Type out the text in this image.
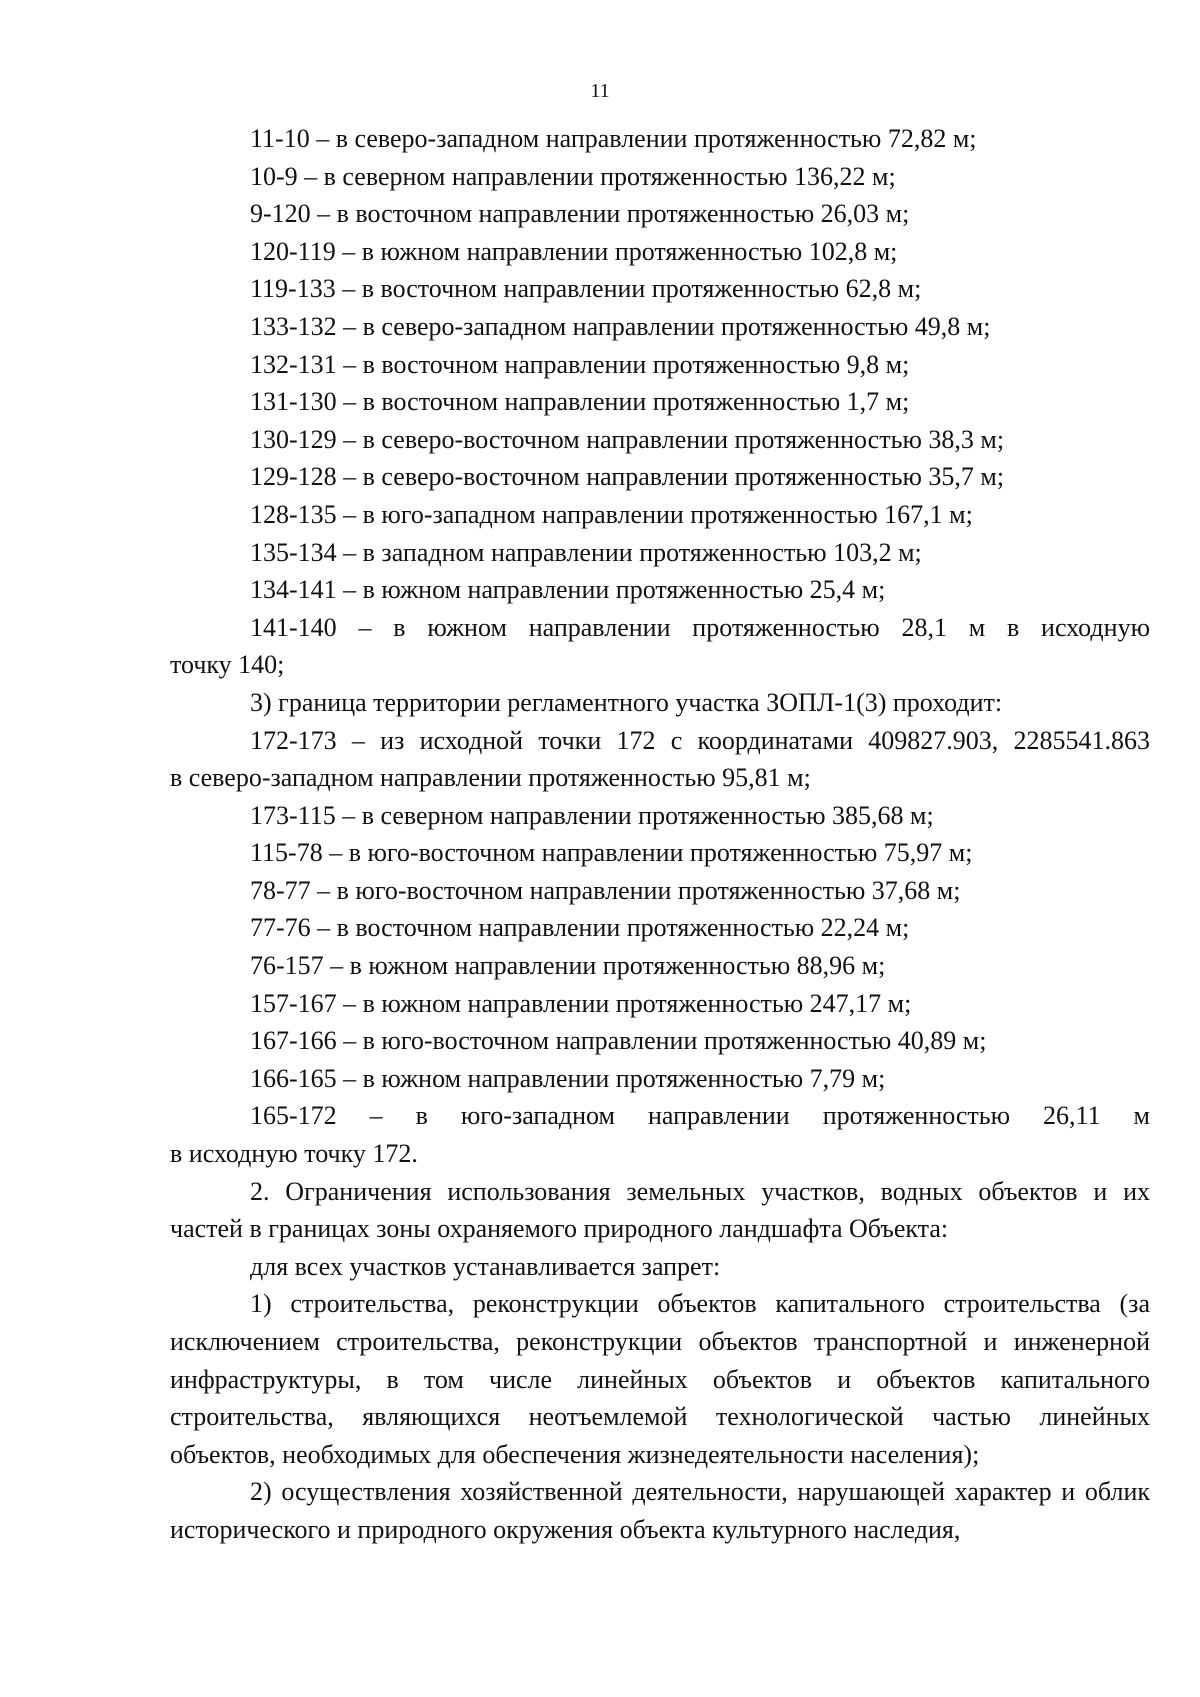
11

11-10 – в северо-западном направлении протяженностью 72,82 м;

10-9 – в северном направлении протяженностью 136,22 м;

9-120 – в восточном направлении протяженностью 26,03 м;

120-119 – в южном направлении протяженностью 102,8 м;

119-133 – в восточном направлении протяженностью 62,8 м;

133-132 – в северо-западном направлении протяженностью 49,8 м;

132-131 – в восточном направлении протяженностью 9,8 м;

131-130 – в восточном направлении протяженностью 1,7 м;

130-129 – в северо-восточном направлении протяженностью 38,3 м;

129-128 – в северо-восточном направлении протяженностью 35,7 м;

128-135 – в юго-западном направлении протяженностью 167,1 м;

135-134 – в западном направлении протяженностью 103,2 м;

134-141 – в южном направлении протяженностью 25,4 м;

141-140 – в южном направлении протяженностью 28,1 м в исходную

точку 140;

3) граница территории регламентного участка ЗОПЛ-1(3) проходит:

172-173 – из исходной точки 172 с координатами 409827.903, 2285541.863

в северо-западном направлении протяженностью 95,81 м;

173-115 – в северном направлении протяженностью 385,68 м;

115-78 – в юго-восточном направлении протяженностью 75,97 м;

78-77 – в юго-восточном направлении протяженностью 37,68 м;

77-76 – в восточном направлении протяженностью 22,24 м;

76-157 – в южном направлении протяженностью 88,96 м;

157-167 – в южном направлении протяженностью 247,17 м;

167-166 – в юго-восточном направлении протяженностью 40,89 м;

166-165 – в южном направлении протяженностью 7,79 м;

165-172 – в юго-западном направлении протяженностью 26,11 м

в исходную точку 172.

2. Ограничения использования земельных участков, водных объектов и их частей в границах зоны охраняемого природного ландшафта Объекта:

для всех участков устанавливается запрет:

1) строительства, реконструкции объектов капитального строительства (за исключением строительства, реконструкции объектов транспортной и инженерной инфраструктуры, в том числе линейных объектов и объектов капитального строительства, являющихся неотъемлемой технологической частью линейных объектов, необходимых для обеспечения жизнедеятельности населения);

2) осуществления хозяйственной деятельности, нарушающей характер и облик исторического и природного окружения объекта культурного наследия,
